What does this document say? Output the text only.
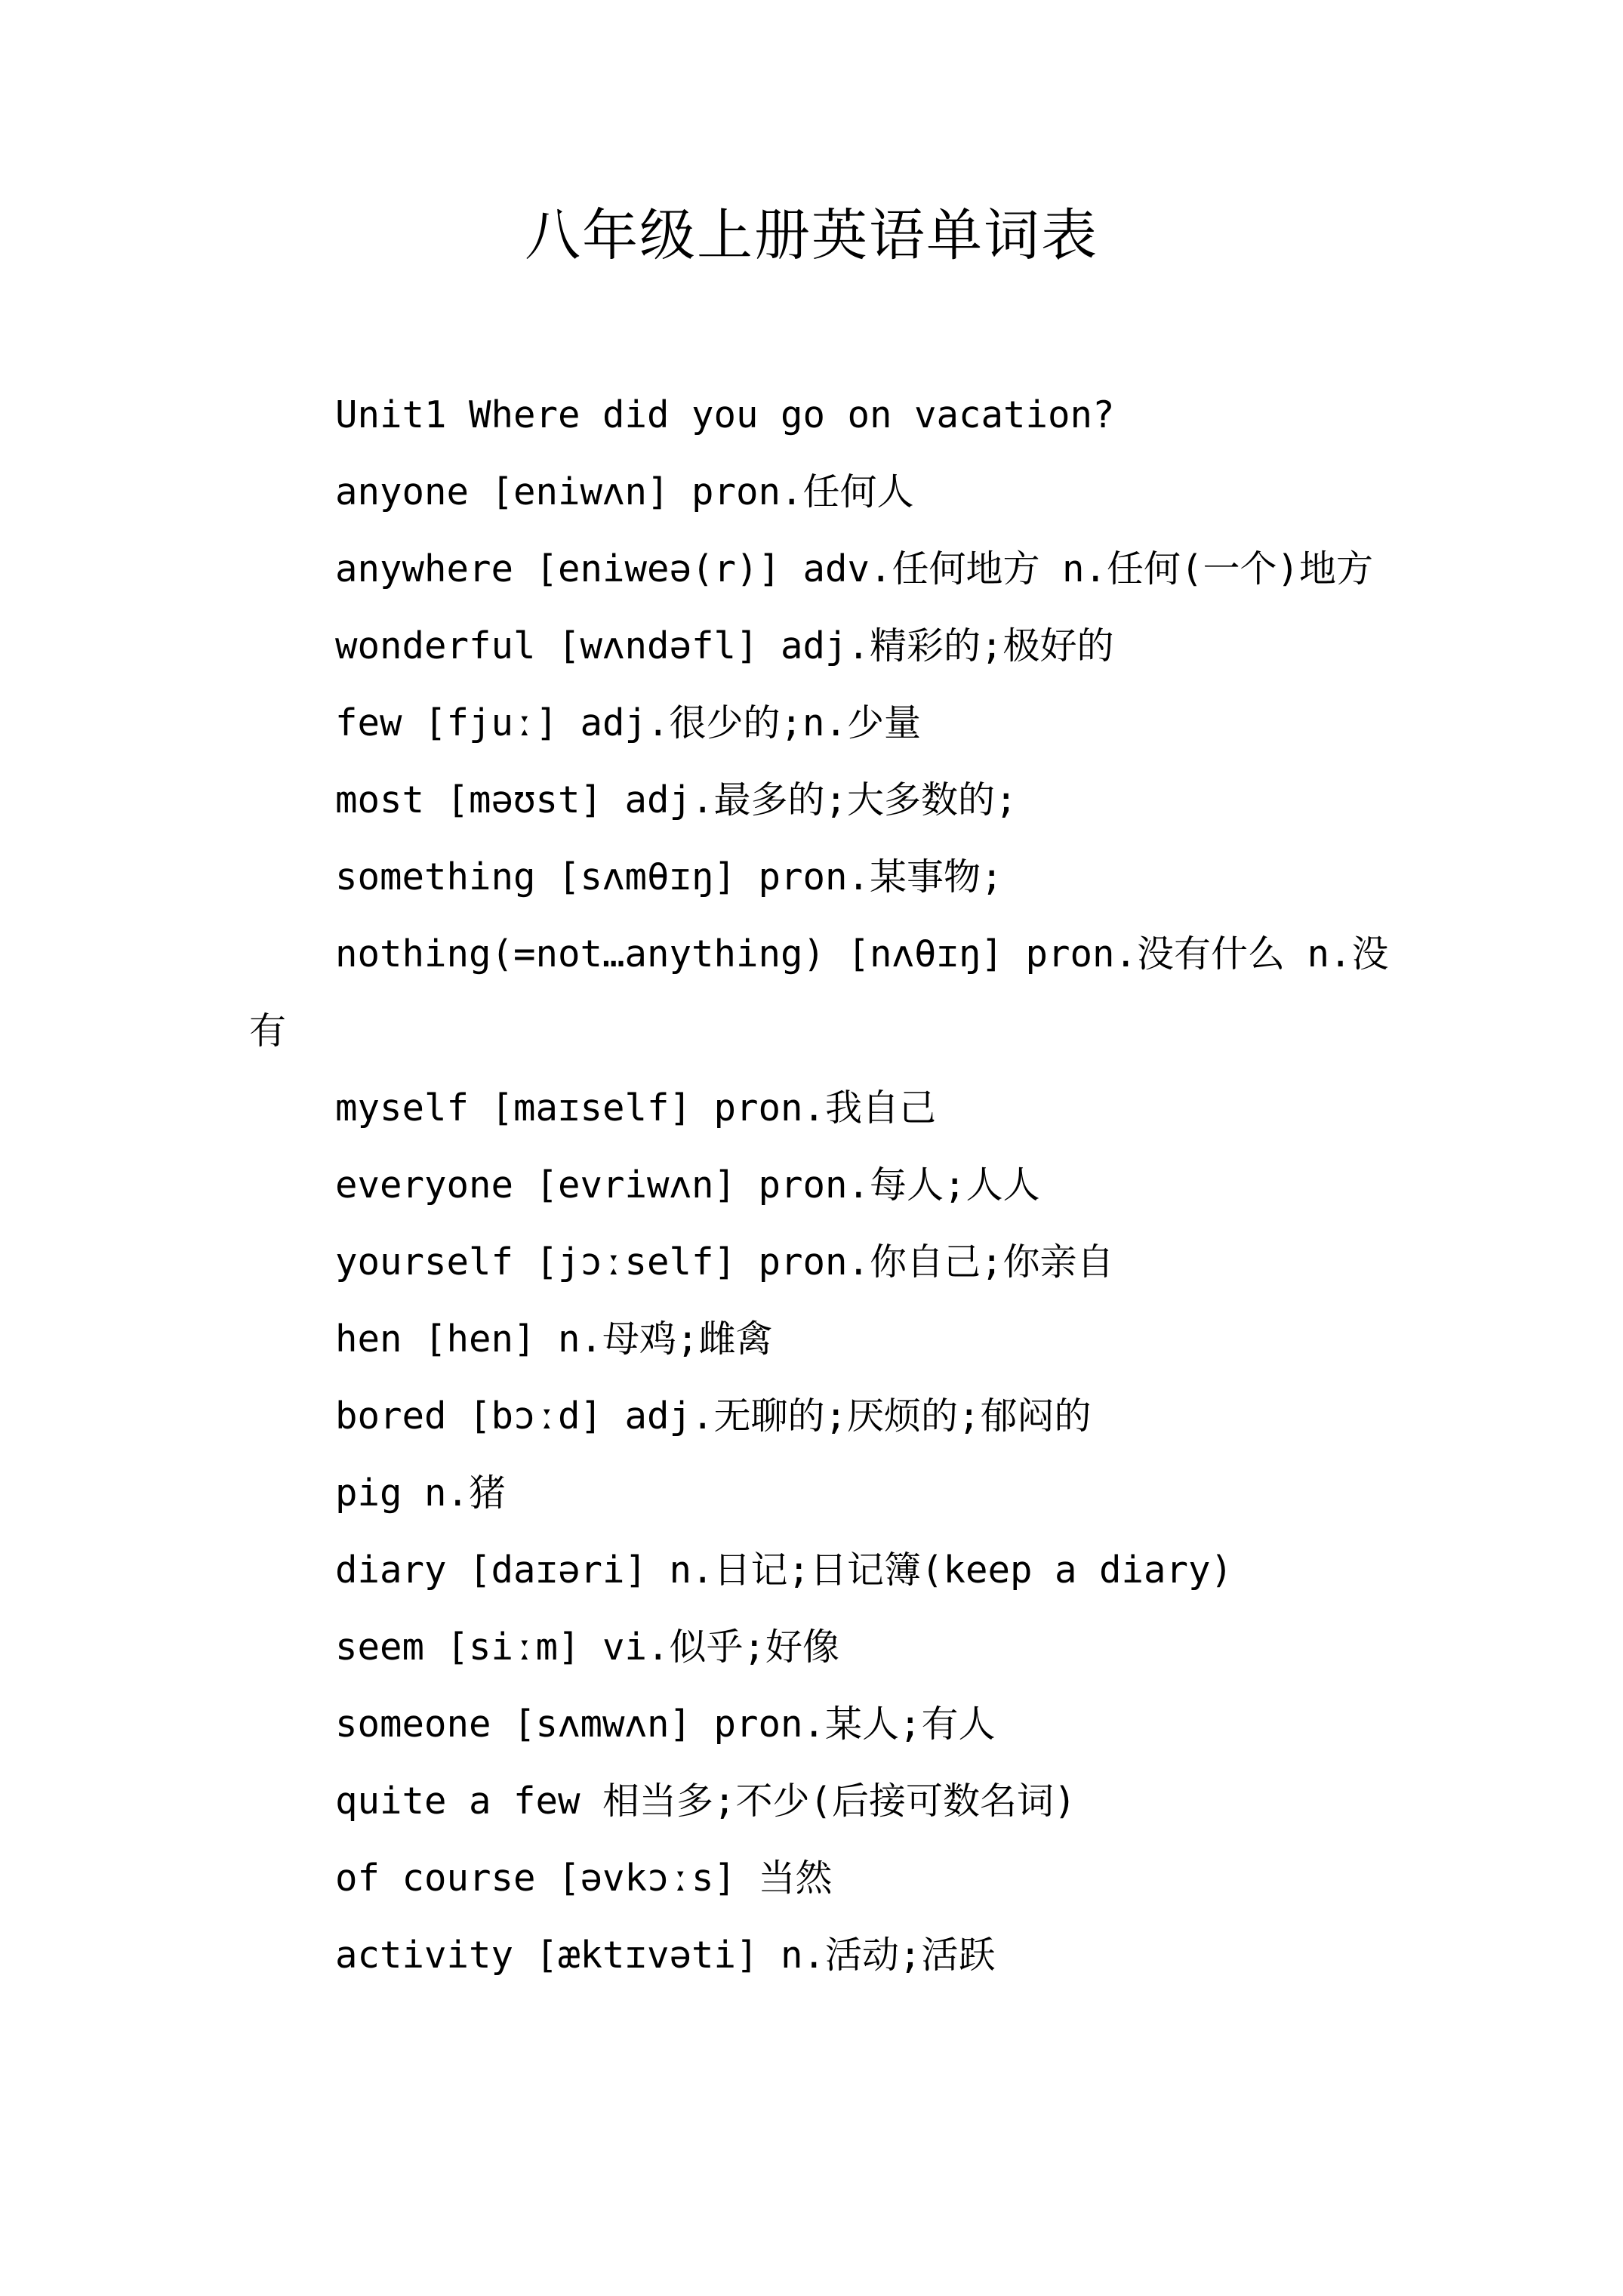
八年级上册英语单词表
Unit1 Where did you go on vacation?
anyone [eniwʌn] pron.任何人
anywhere [eniweə(r)] adv.任何地方 n.任何(一个)地方
wonderful [wʌndəfl] adj.精彩的;极好的
few [fjuː] adj.很少的;n.少量
most [məʊst] adj.最多的;大多数的;
something [sʌmθɪŋ] pron.某事物;
nothing(=not…anything) [nʌθɪŋ] pron.没有什么 n.没有
myself [maɪself] pron.我自己
everyone [evriwʌn] pron.每人;人人
yourself [jɔːself] pron.你自己;你亲自
hen [hen] n.母鸡;雌禽
bored [bɔːd] adj.无聊的;厌烦的;郁闷的
pig n.猪
diary [daɪəri] n.日记;日记簿(keep a diary)
seem [siːm] vi.似乎;好像
someone [sʌmwʌn] pron.某人;有人
quite a few 相当多;不少(后接可数名词)
of course [əvkɔːs] 当然
activity [æktɪvəti] n.活动;活跃
